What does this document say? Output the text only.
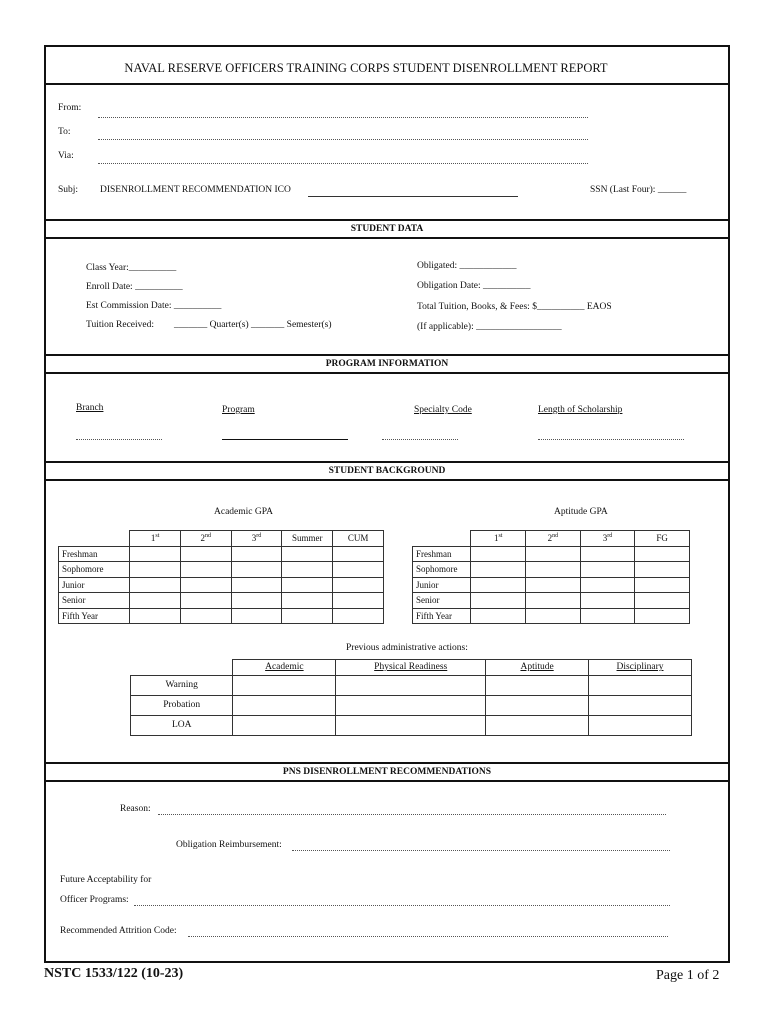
NAVAL RESERVE OFFICERS TRAINING CORPS STUDENT DISENROLLMENT REPORT
From:
To:
Via:
Subj: DISENROLLMENT RECOMMENDATION ICO	SSN (Last Four): ______
STUDENT DATA
Class Year:__________
Enroll Date: __________
Est Commission Date: __________
Tuition Received: _______ Quarter(s) _______ Semester(s)
Obligated: ____________
Obligation Date: __________
Total Tuition, Books, & Fees: $__________ EAOS
(If applicable): __________________
PROGRAM INFORMATION
Branch	Program	Specialty Code	Length of Scholarship
STUDENT BACKGROUND
Academic GPA	Aptitude GPA
	1st	2nd	3rd	Summer	CUM
Freshman					
Sophomore					
Junior					
Senior					
Fifth Year					
	1st	2nd	3rd	FG
Freshman				
Sophomore				
Junior				
Senior				
Fifth Year				
Previous administrative actions:
	Academic	Physical Readiness	Aptitude	Disciplinary
Warning				
Probation				
LOA				
PNS DISENROLLMENT RECOMMENDATIONS
Reason:
Obligation Reimbursement:
Future Acceptability for
Officer Programs:
Recommended Attrition Code:
NSTC 1533/122 (10-23)	Page 1 of 2
